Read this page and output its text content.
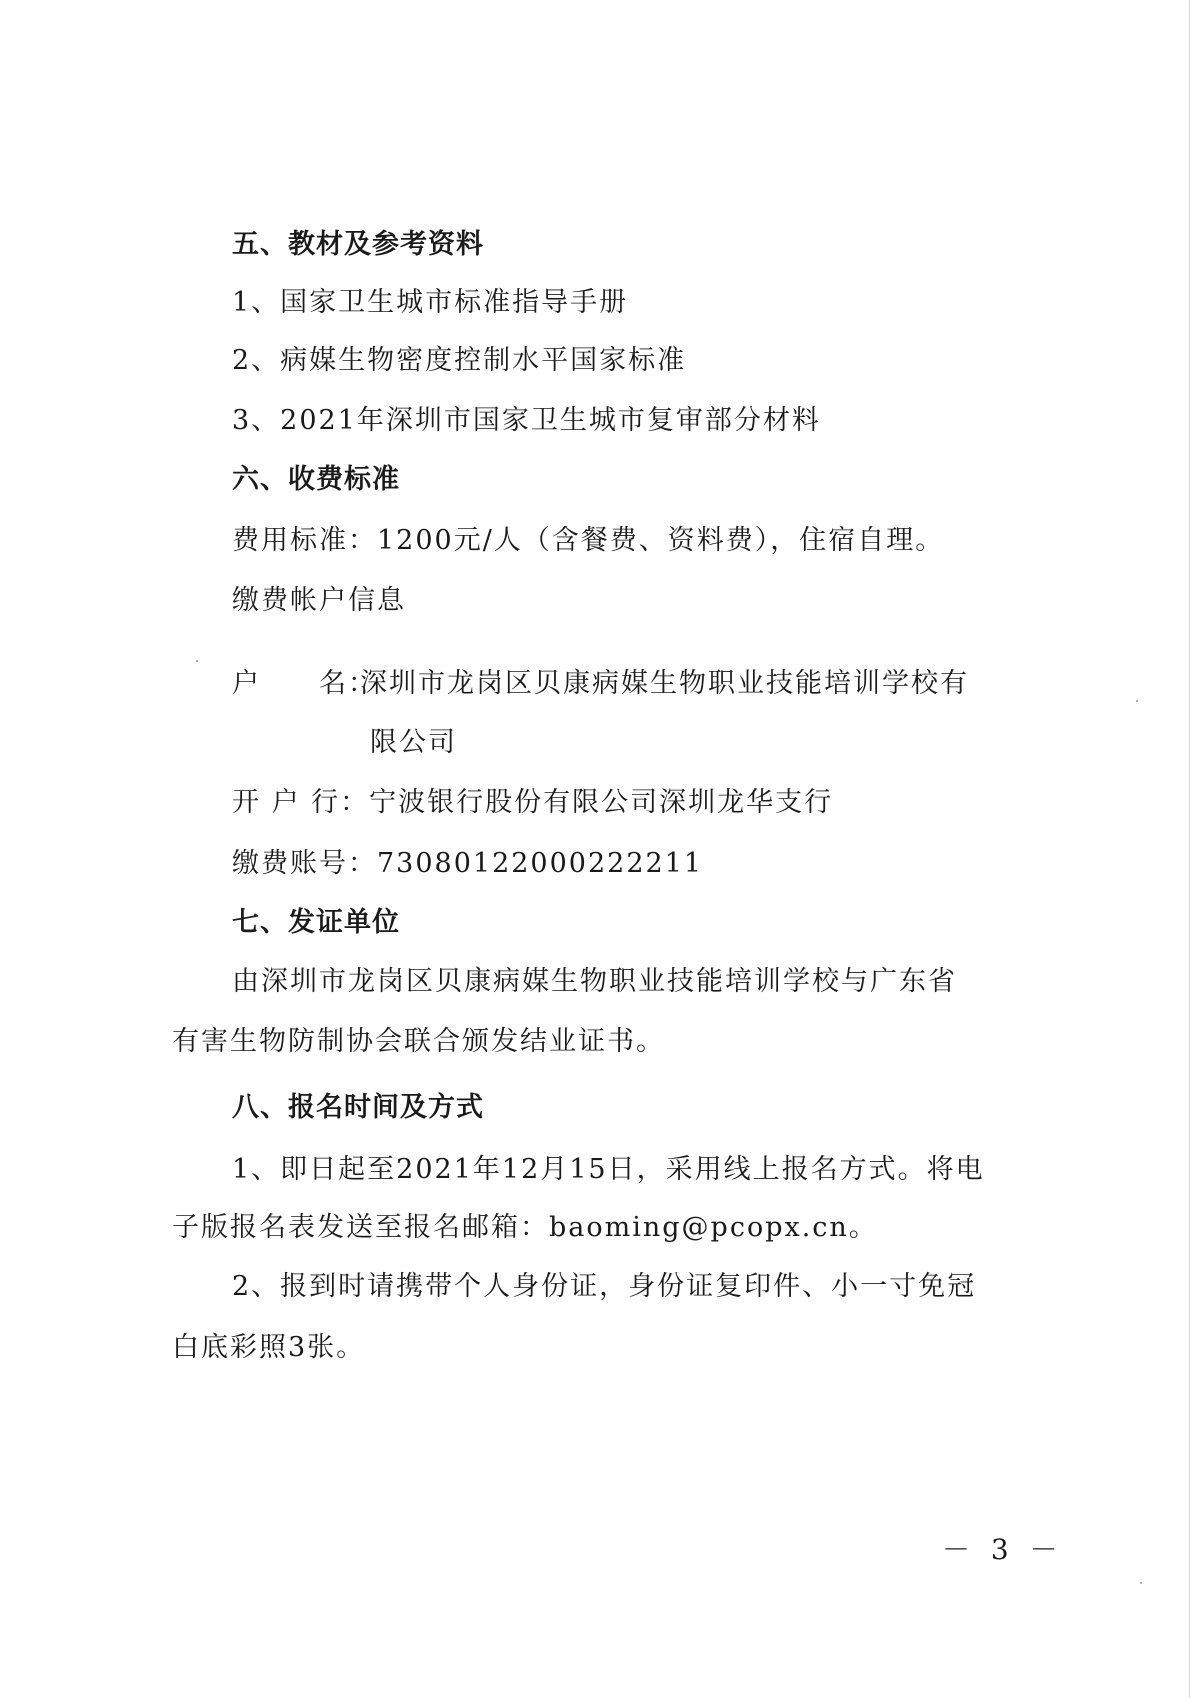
五、教材及参考资料
1、国家卫生城市标准指导手册
2、病媒生物密度控制水平国家标准
3、2021年深圳市国家卫生城市复审部分材料
六、收费标准
费用标准：1200元/人（含餐费、资料费），住宿自理。
缴费帐户信息
户　　名：深圳市龙岗区贝康病媒生物职业技能培训学校有
限公司
开 户 行：宁波银行股份有限公司深圳龙华支行
缴费账号：73080122000222211
七、发证单位
由深圳市龙岗区贝康病媒生物职业技能培训学校与广东省
有害生物防制协会联合颁发结业证书。
八、报名时间及方式
1、即日起至2021年12月15日，采用线上报名方式。将电
子版报名表发送至报名邮箱：baoming@pcopx.cn。
2、报到时请携带个人身份证，身份证复印件、小一寸免冠
白底彩照3张。
－ 3 －
